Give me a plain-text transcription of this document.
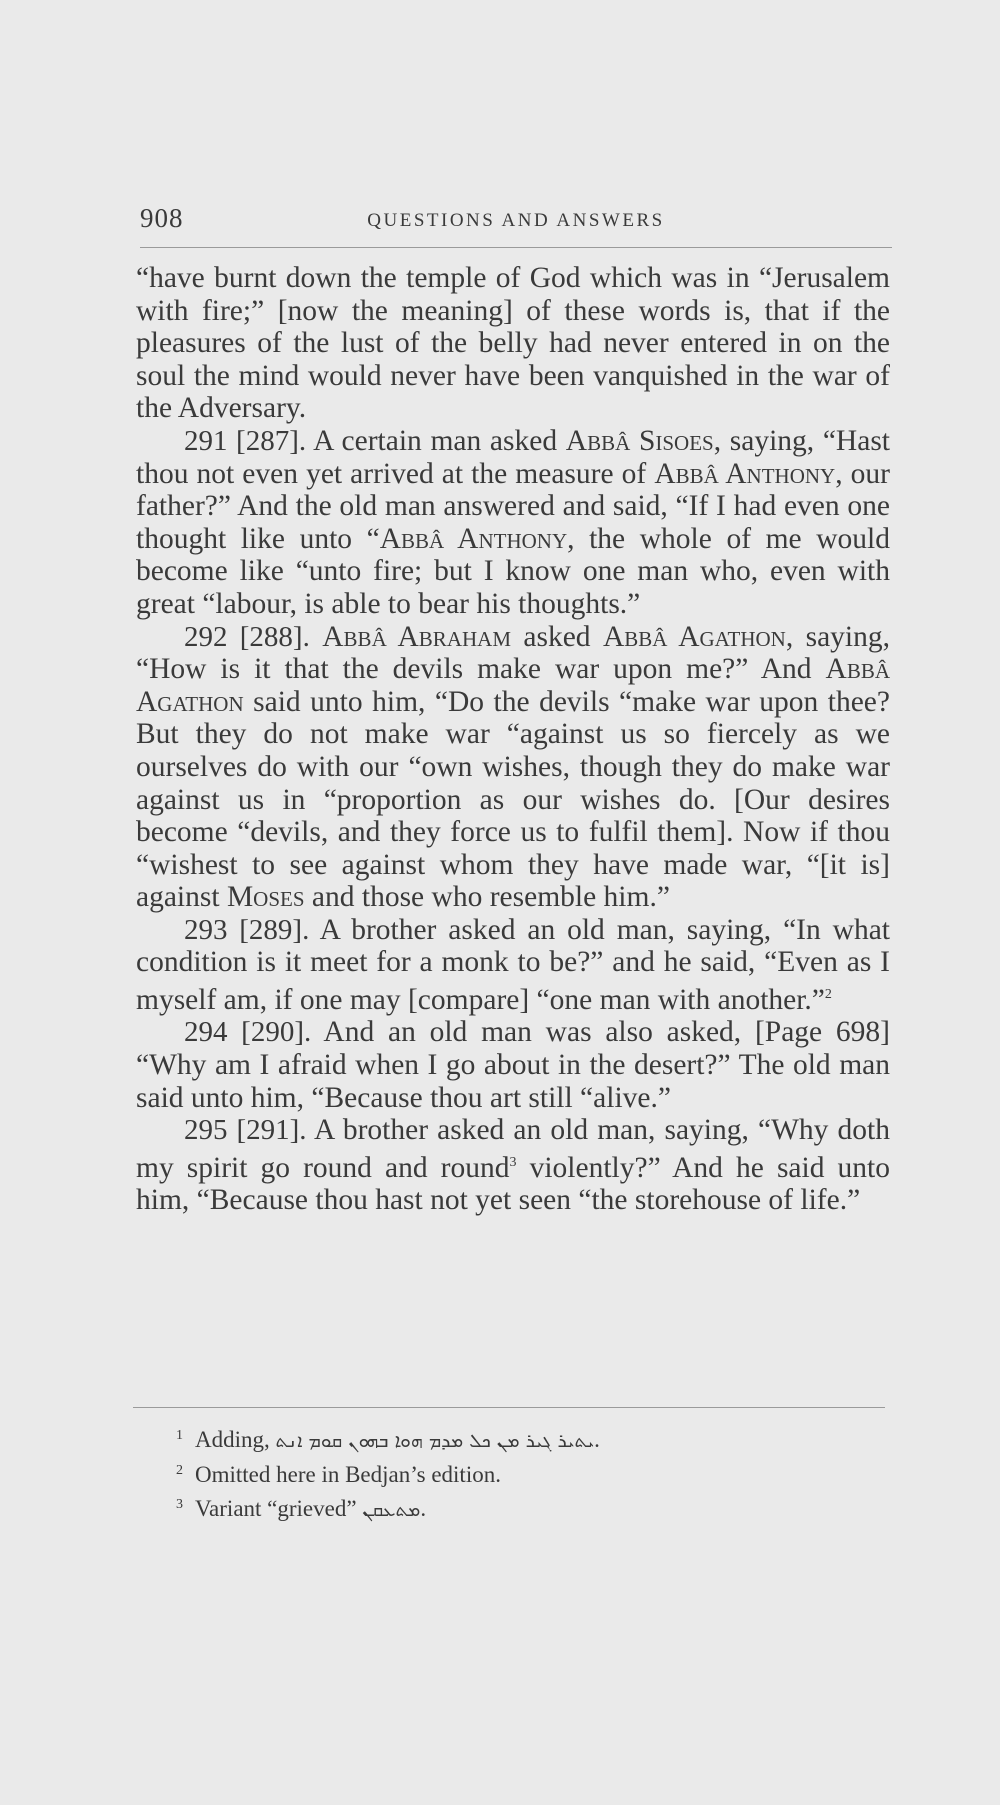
908	QUESTIONS AND ANSWERS

“have burnt down the temple of God which was in “Jerusalem with fire;” [now the meaning] of these words is, that if the pleasures of the lust of the belly had never entered in on the soul the mind would never have been vanquished in the war of the Adversary.

291 [287]. A certain man asked Abbâ Sisoes, saying, “Hast thou not even yet arrived at the measure of Abbâ Anthony, our father?” And the old man answered and said, “If I had even one thought like unto “Abbâ Anthony, the whole of me would become like “unto fire; but I know one man who, even with great “labour, is able to bear his thoughts.”

292 [288]. Abbâ Abraham asked Abbâ Agathon, saying, “How is it that the devils make war upon me?” And Abbâ Agathon said unto him, “Do the devils “make war upon thee? But they do not make war “against us so fiercely as we ourselves do with our “own wishes, though they do make war against us in “proportion as our wishes do. [Our desires become “devils, and they force us to fulfil them]. Now if thou “wishest to see against whom they have made war, “[it is] against Moses and those who resemble him.”

293 [289]. A brother asked an old man, saying, “In what condition is it meet for a monk to be?” and he said, “Even as I myself am, if one may [compare] “one man with another.”$^2$

294 [290]. And an old man was also asked, [Page 698] “Why am I afraid when I go about in the desert?” The old man said unto him, “Because thou art still “alive.”

295 [291]. A brother asked an old man, saying, “Why doth my spirit go round and round$^3$ violently?” And he said unto him, “Because thou hast not yet seen “the storehouse of life.”

$^1$ Adding, ܝܬܝܪ ܓܝܪ ܡܢ ܟܠ ܡܕܡ ܗܘܐ ܒܗܘܢ ܩܘܡ ܐܢܬ.

$^2$ Omitted here in Bedjan’s edition.

$^3$ Variant “grieved” ܡܬܥܩܢ.
